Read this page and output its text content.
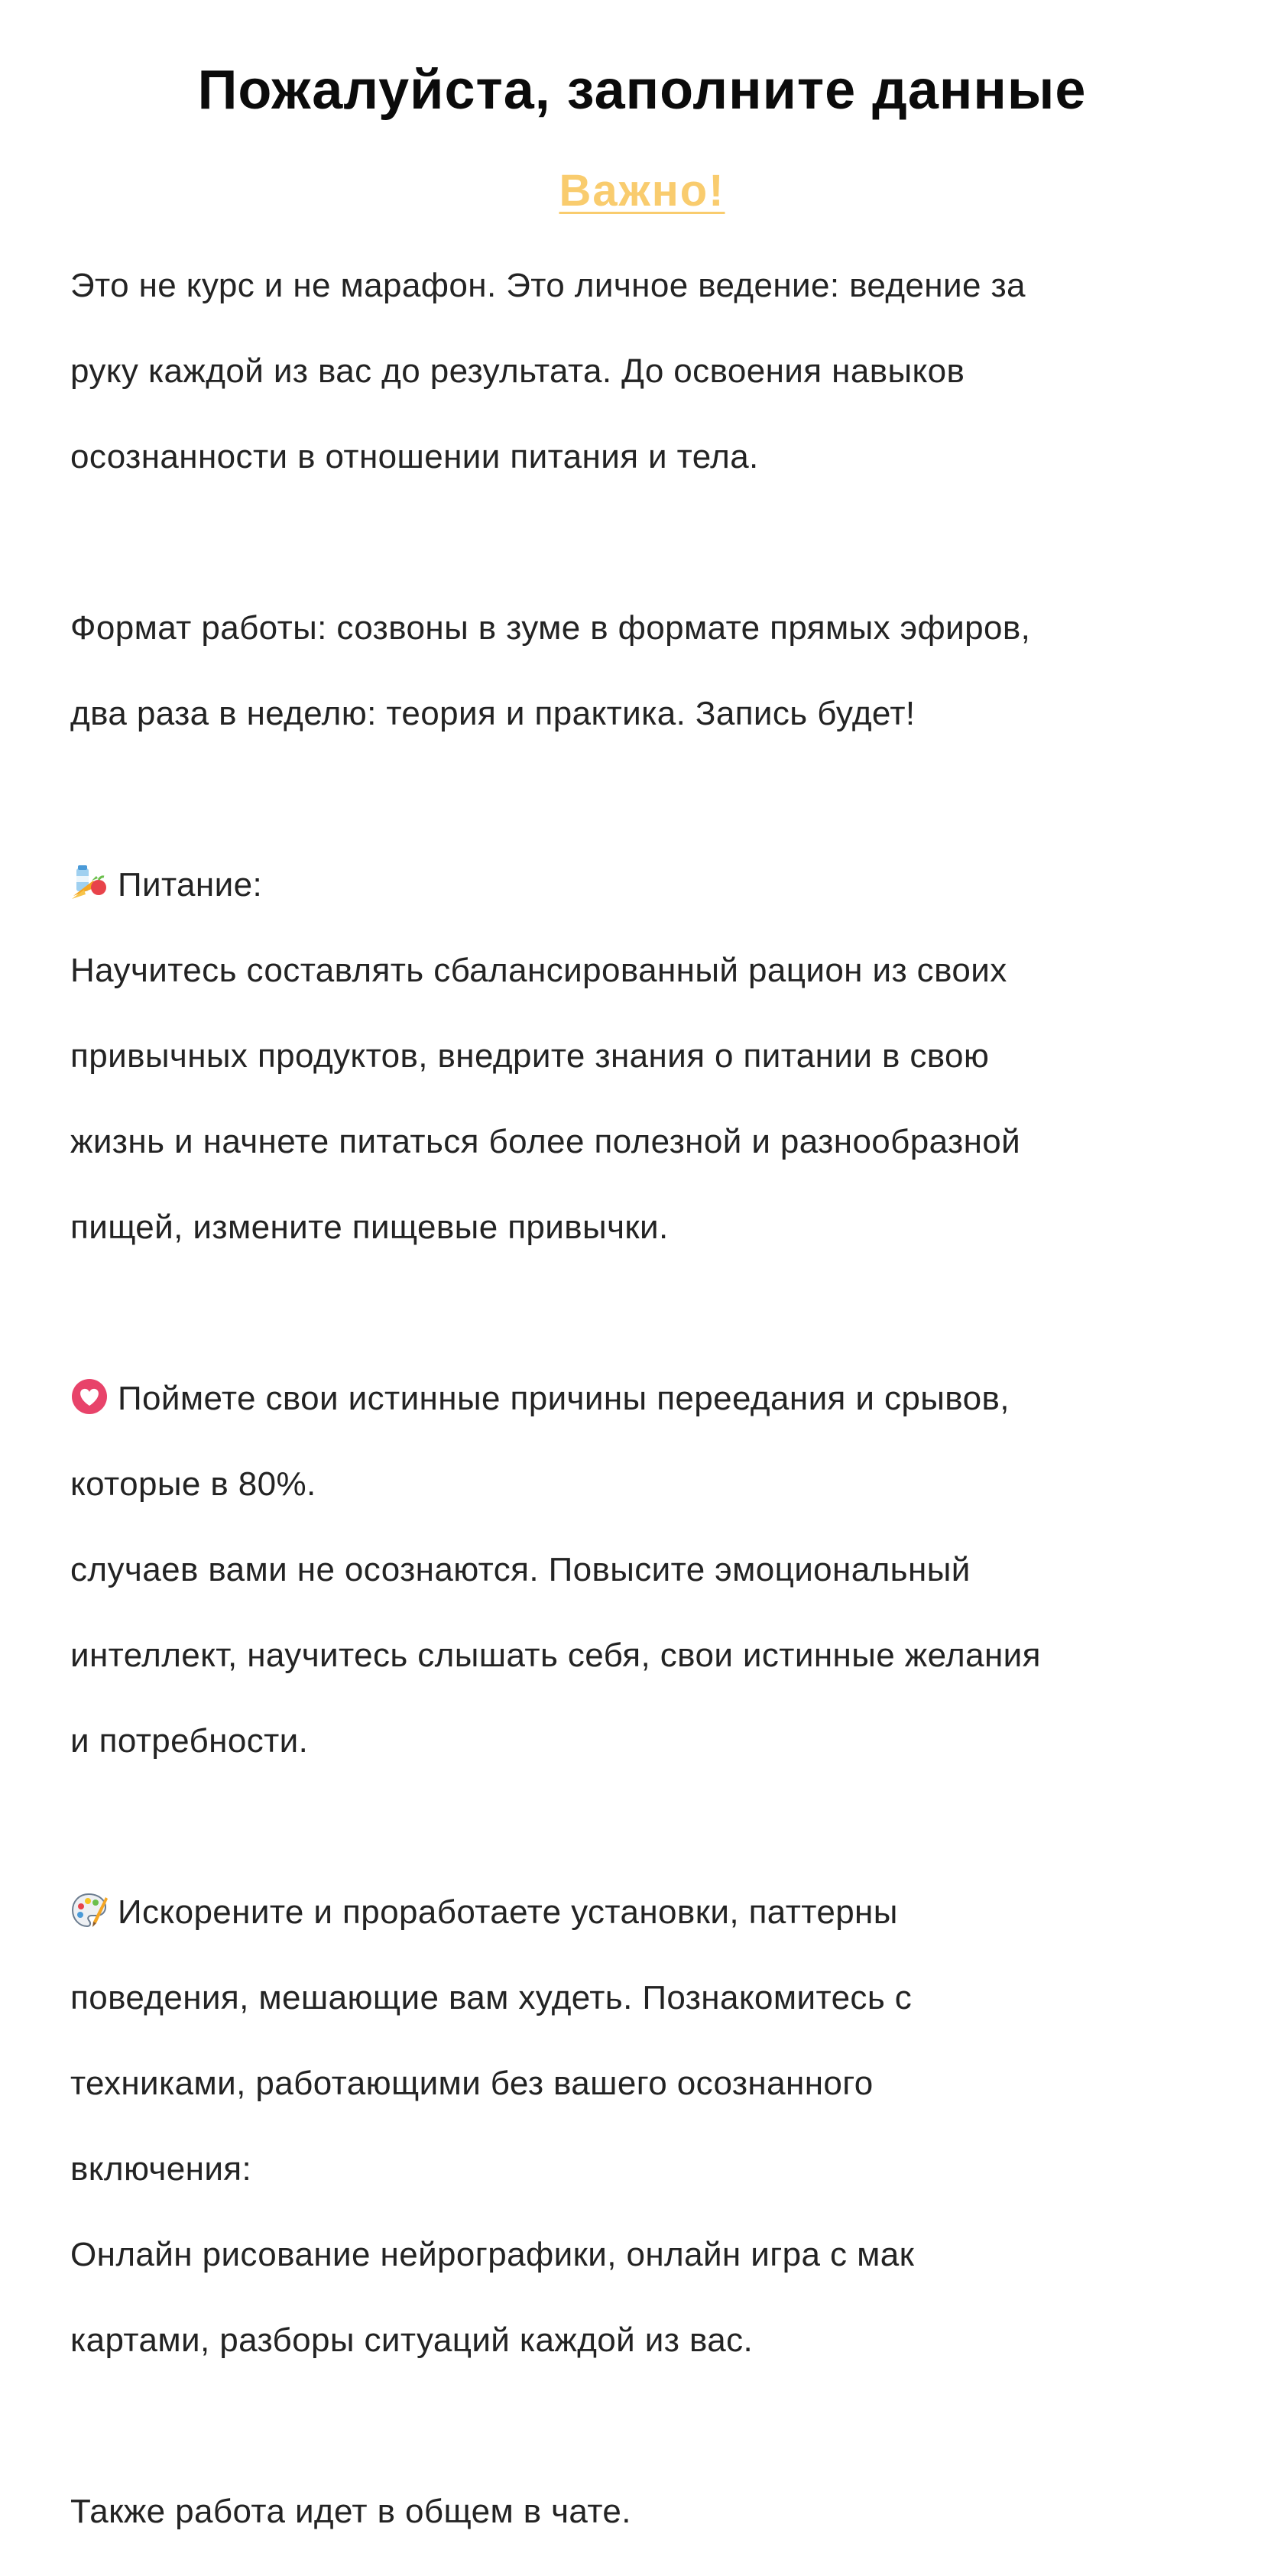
Пожалуйста, заполните данные
Важно!

Это не курс и не марафон. Это личное ведение: ведение за

руку каждой из вас до результата. До освоения навыков

осознанности в отношении питания и тела.

Формат работы: созвоны в зуме в формате прямых эфиров,

два раза в неделю: теория и практика. Запись будет!

Питание:

Научитесь составлять сбалансированный рацион из своих

привычных продуктов, внедрите знания о питании в свою

жизнь и начнете питаться более полезной и разнообразной

пищей, измените пищевые привычки.

Поймете свои истинные причины переедания и срывов,

которые в 80%.

случаев вами не осознаются. Повысите эмоциональный

интеллект, научитесь слышать себя, свои истинные желания

и потребности.

Искорените и проработаете установки, паттерны

поведения, мешающие вам худеть. Познакомитесь с

техниками, работающими без вашего осознанного

включения:

Онлайн рисование нейрографики, онлайн игра с мак

картами, разборы ситуаций каждой из вас.

Также работа идет в общем в чате.
